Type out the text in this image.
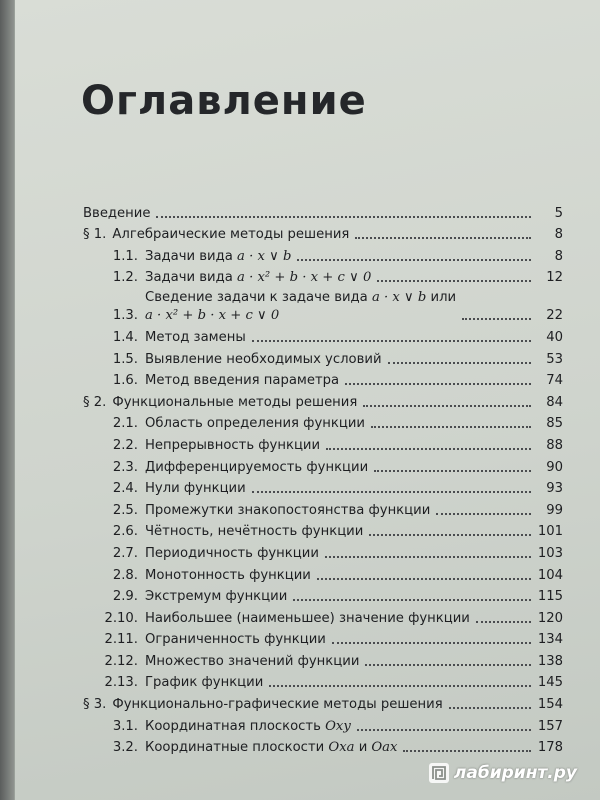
Оглавление
Введение	5
§ 1. Алгебраические методы решения	8
1.1. Задачи вида a · x ∨ b	8
1.2. Задачи вида a · x² + b · x + c ∨ 0	12
1.3.
Сведение задачи к задаче вида a · x ∨ b или
a · x² + b · x + c ∨ 0	22
1.4. Метод замены	40
1.5. Выявление необходимых условий	53
1.6. Метод введения параметра	74
§ 2. Функциональные методы решения	84
2.1. Область определения функции	85
2.2. Непрерывность функции	88
2.3. Дифференцируемость функции	90
2.4. Нули функции	93
2.5. Промежутки знакопостоянства функции	99
2.6. Чётность, нечётность функции	101
2.7. Периодичность функции	103
2.8. Монотонность функции	104
2.9. Экстремум функции	115
2.10. Наибольшее (наименьшее) значение функции	120
2.11. Ограниченность функции	134
2.12. Множество значений функции	138
2.13. График функции	145
§ 3. Функционально-графические методы решения	154
3.1. Координатная плоскость Oxy	157
3.2. Координатные плоскости Oxa и Oax	178
лабиринт.ру
